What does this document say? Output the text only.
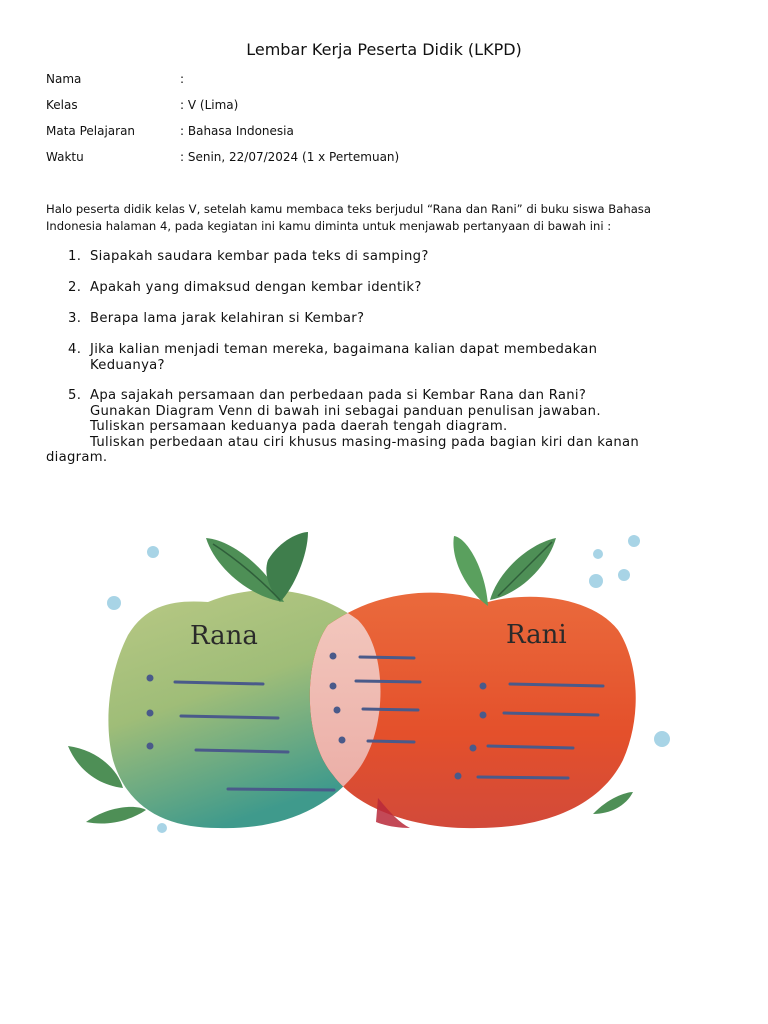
Lembar Kerja Peserta Didik (LKPD)
Nama	:
Kelas	: V (Lima)
Mata Pelajaran	: Bahasa Indonesia
Waktu	: Senin, 22/07/2024 (1 x Pertemuan)
Halo peserta didik kelas V, setelah kamu membaca teks berjudul “Rana dan Rani” di buku siswa Bahasa
Indonesia halaman 4, pada kegiatan ini kamu diminta untuk menjawab pertanyaan di bawah ini :
1. Siapakah saudara kembar pada teks di samping?
2. Apakah yang dimaksud dengan kembar identik?
3. Berapa lama jarak kelahiran si Kembar?
4. Jika kalian menjadi teman mereka, bagaimana kalian dapat membedakan
Keduanya?
5. Apa sajakah persamaan dan perbedaan pada si Kembar Rana dan Rani?
Gunakan Diagram Venn di bawah ini sebagai panduan penulisan jawaban.
Tuliskan persamaan keduanya pada daerah tengah diagram.
Tuliskan perbedaan atau ciri khusus masing-masing pada bagian kiri dan kanan
diagram.
Rana	Rani
